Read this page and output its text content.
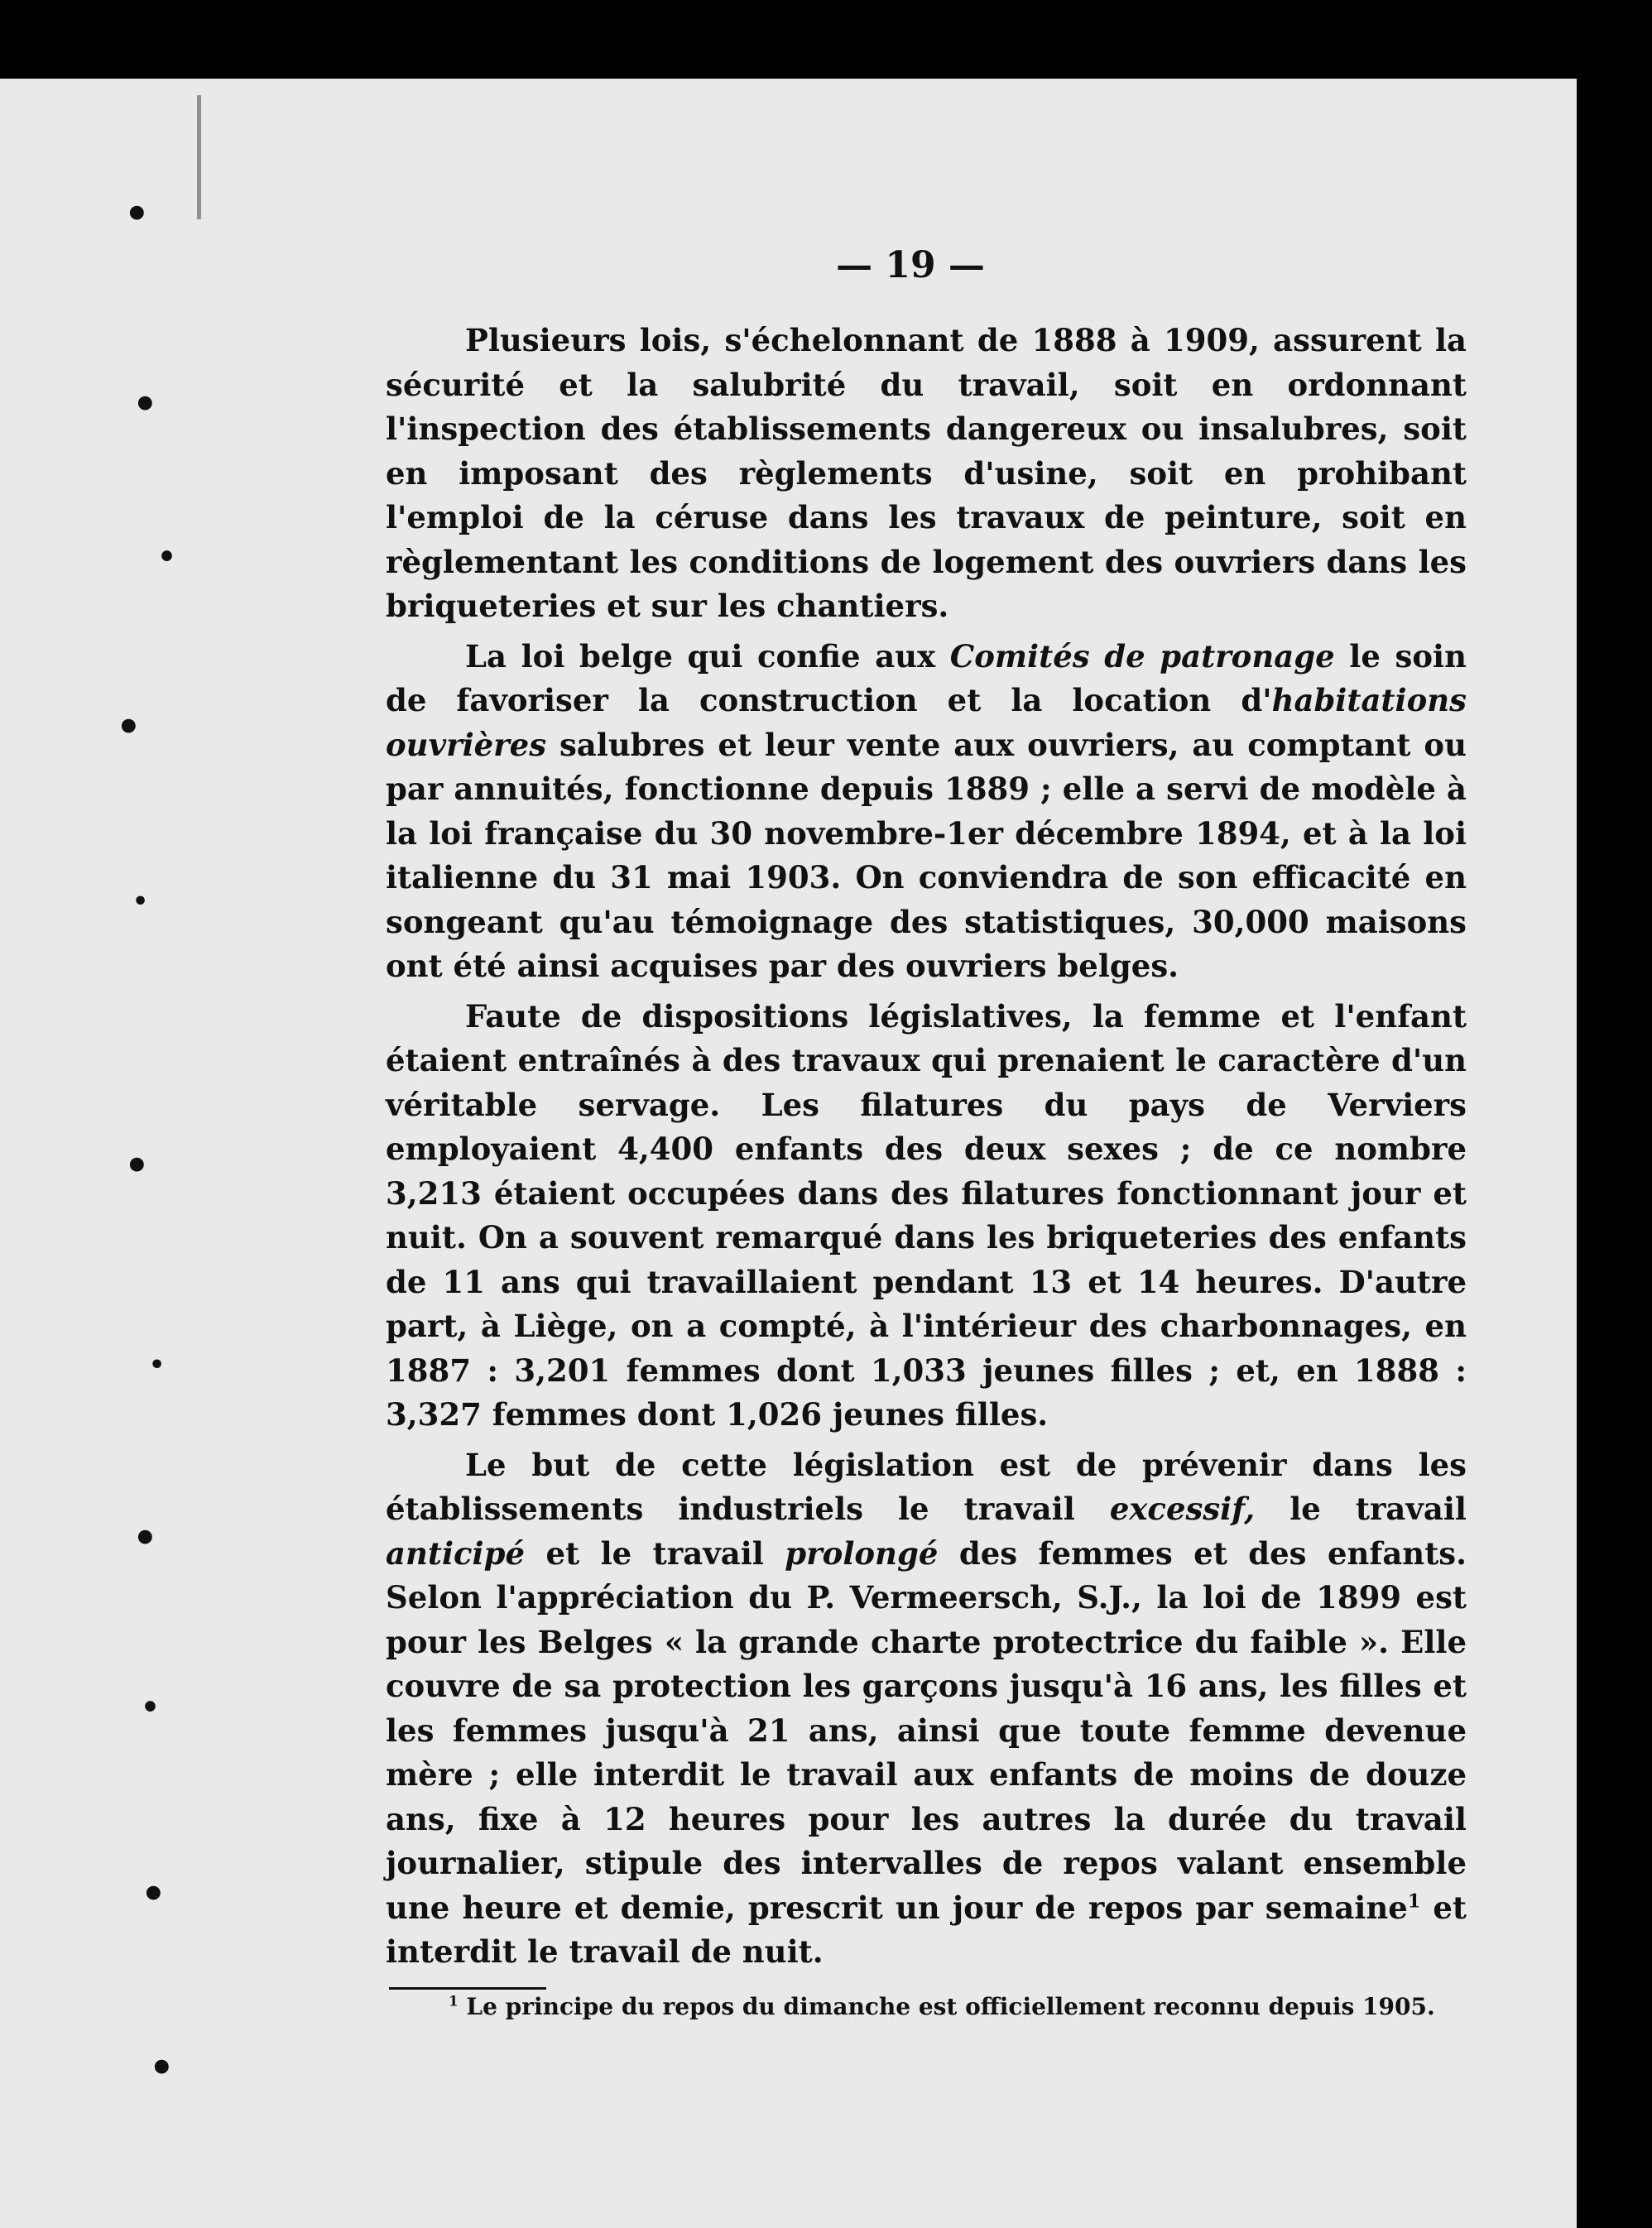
•
•
•
•
•
•
•
•
•
•
•
— 19 —

Plusieurs lois, s'échelonnant de 1888 à 1909, assurent la sécurité et la salubrité du travail, soit en ordonnant l'inspection des établissements dangereux ou insalubres, soit en imposant des règlements d'usine, soit en prohibant l'emploi de la céruse dans les travaux de peinture, soit en règlementant les conditions de logement des ouvriers dans les briqueteries et sur les chantiers.

La loi belge qui confie aux Comités de patronage le soin de favoriser la construction et la location d'habitations ouvrières salubres et leur vente aux ouvriers, au comptant ou par annuités, fonctionne depuis 1889 ; elle a servi de modèle à la loi française du 30 novembre-1er décembre 1894, et à la loi italienne du 31 mai 1903. On conviendra de son efficacité en songeant qu'au témoignage des statistiques, 30,000 maisons ont été ainsi acquises par des ouvriers belges.

Faute de dispositions législatives, la femme et l'enfant étaient entraînés à des travaux qui prenaient le caractère d'un véritable servage. Les filatures du pays de Verviers employaient 4,400 enfants des deux sexes ; de ce nombre 3,213 étaient occupées dans des filatures fonctionnant jour et nuit. On a souvent remarqué dans les briqueteries des enfants de 11 ans qui travaillaient pendant 13 et 14 heures. D'autre part, à Liège, on a compté, à l'intérieur des charbonnages, en 1887 : 3,201 femmes dont 1,033 jeunes filles ; et, en 1888 : 3,327 femmes dont 1,026 jeunes filles.

Le but de cette législation est de prévenir dans les établissements industriels le travail excessif, le travail anticipé et le travail prolongé des femmes et des enfants. Selon l'appréciation du P. Vermeersch, S.J., la loi de 1899 est pour les Belges « la grande charte protectrice du faible ». Elle couvre de sa protection les garçons jusqu'à 16 ans, les filles et les femmes jusqu'à 21 ans, ainsi que toute femme devenue mère ; elle interdit le travail aux enfants de moins de douze ans, fixe à 12 heures pour les autres la durée du travail journalier, stipule des intervalles de repos valant ensemble une heure et demie, prescrit un jour de repos par semaine$^1$ et interdit le travail de nuit.

$^1$ Le principe du repos du dimanche est officiellement reconnu depuis 1905.
